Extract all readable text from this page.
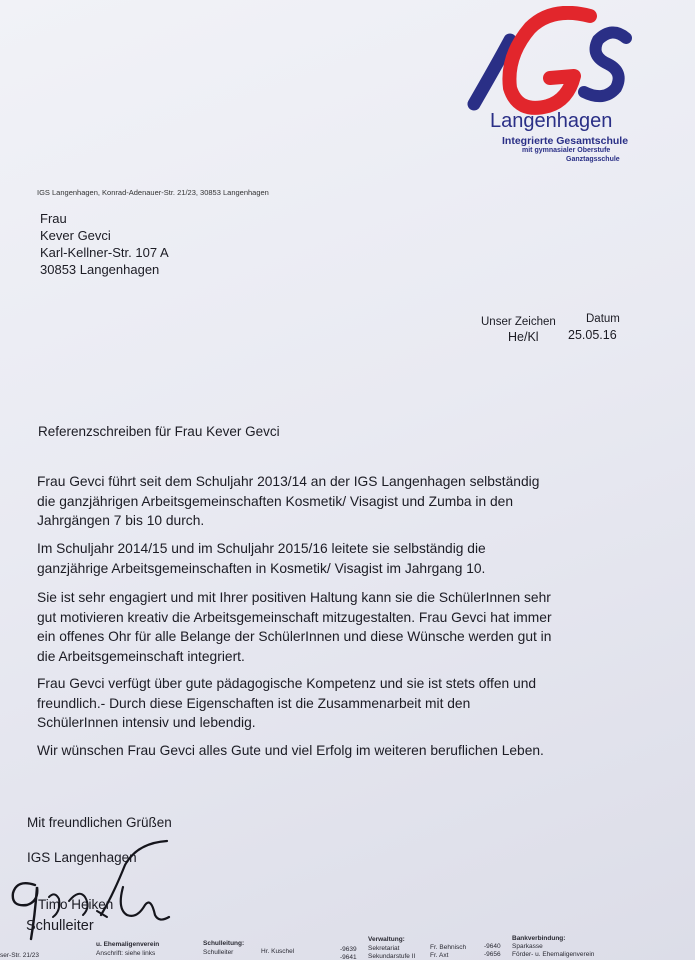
Langenhagen
Integrierte Gesamtschule
mit gymnasialer Oberstufe
Ganztagsschule
IGS Langenhagen, Konrad-Adenauer-Str. 21/23, 30853 Langenhagen
Frau
Kever Gevci
Karl-Kellner-Str. 107 A
30853 Langenhagen
Unser Zeichen
He/Kl
Datum
25.05.16
Referenzschreiben für Frau Kever Gevci
Frau Gevci führt seit dem Schuljahr 2013/14 an der IGS Langenhagen selbständig
die ganzjährigen Arbeitsgemeinschaften Kosmetik/ Visagist und Zumba in den
Jahrgängen 7 bis 10 durch.
Im Schuljahr 2014/15 und im Schuljahr 2015/16 leitete sie selbständig die
ganzjährige Arbeitsgemeinschaften in Kosmetik/ Visagist im Jahrgang 10.
Sie ist sehr engagiert und mit Ihrer positiven Haltung kann sie die SchülerInnen sehr
gut motivieren kreativ die Arbeitsgemeinschaft mitzugestalten. Frau Gevci hat immer
ein offenes Ohr für alle Belange der SchülerInnen und diese Wünsche werden gut in
die Arbeitsgemeinschaft integriert.
Frau Gevci verfügt über gute pädagogische Kompetenz und sie ist stets offen und
freundlich.- Durch diese Eigenschaften ist die Zusammenarbeit mit den
SchülerInnen intensiv und lebendig.
Wir wünschen Frau Gevci alles Gute und viel Erfolg im weiteren beruflichen Leben.
Mit freundlichen Grüßen
IGS Langenhagen
Timo Heiken
Schulleiter
ser-Str. 21/23
u. Ehemaligenverein
Anschrift: siehe links
Schulleitung:
Schulleiter	Hr. Kuschel	-9639
-9641
Verwaltung:
Sekretariat
Sekundarstufe II
Fr. Behnisch
Fr. Axt
-9640
-9656
Bankverbindung:
Sparkasse
Förder- u. Ehemaligenverein
